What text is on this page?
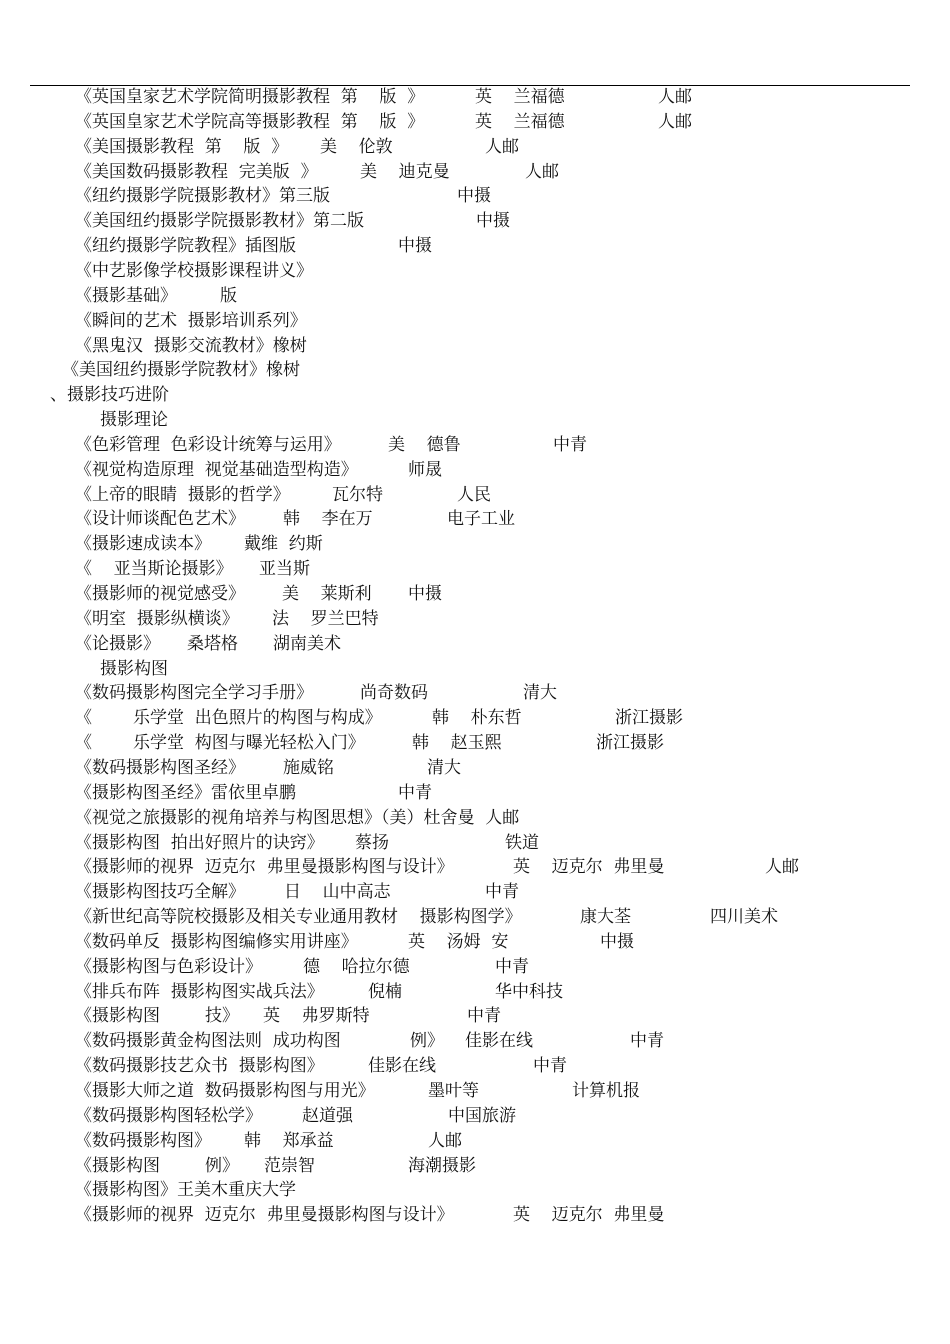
《英国皇家艺术学院简明摄影教程  第    版  》	英    兰福德	人邮
《英国皇家艺术学院高等摄影教程  第    版  》	英    兰福德	人邮
《美国摄影教程  第    版  》 美    伦敦	人邮
《美国数码摄影教程  完美版  》 美    迪克曼	人邮
《纽约摄影学院摄影教材》第三版	中摄
《美国纽约摄影学院摄影教材》第二版	中摄
《纽约摄影学院教程》插图版	中摄
《中艺影像学校摄影课程讲义》
《摄影基础》	版
《瞬间的艺术  摄影培训系列》
《黑鬼汉  摄影交流教材》橡树
《美国纽约摄影学院教材》橡树
、摄影技巧进阶
摄影理论
《色彩管理  色彩设计统筹与运用》	美    德鲁	中青
《视觉构造原理  视觉基础造型构造》	师晟
《上帝的眼睛  摄影的哲学》 瓦尔特	人民
《设计师谈配色艺术》 韩    李在万	电子工业
《摄影速成读本》 戴维  约斯
《    亚当斯论摄影》 亚当斯
《摄影师的视觉感受》 美    莱斯利 中摄
《明室  摄影纵横谈》 法    罗兰巴特
《论摄影》 桑塔格 湖南美术
摄影构图
《数码摄影构图完全学习手册》	尚奇数码	清大
《 乐学堂  出色照片的构图与构成》	韩    朴东哲	浙江摄影
《 乐学堂  构图与曝光轻松入门》	韩    赵玉熙	浙江摄影
《数码摄影构图圣经》 施威铭	清大
《摄影构图圣经》雷依里卓鹏	中青
《视觉之旅摄影的视角培养与构图思想》（美）杜舍曼  人邮
《摄影构图  拍出好照片的诀窍》 蔡扬	铁道
《摄影师的视界  迈克尔  弗里曼摄影构图与设计》	英    迈克尔  弗里曼	人邮
《摄影构图技巧全解》 日    山中高志	中青
《新世纪高等院校摄影及相关专业通用教材    摄影构图学》	康大荃	四川美术
《数码单反  摄影构图编修实用讲座》	英    汤姆  安	中摄
《摄影构图与色彩设计》 德    哈拉尔德	中青
《排兵布阵  摄影构图实战兵法》	倪楠	华中科技
《摄影构图	技》 英    弗罗斯特	中青
《数码摄影黄金构图法则  成功构图	例》 佳影在线	中青
《数码摄影技艺众书  摄影构图》	佳影在线	中青
《摄影大师之道  数码摄影构图与用光》	墨叶等	计算机报
《数码摄影构图轻松学》 赵道强	中国旅游
《数码摄影构图》 韩    郑承益	人邮
《摄影构图	例》 范崇智	海潮摄影
《摄影构图》王美木重庆大学
《摄影师的视界  迈克尔  弗里曼摄影构图与设计》	英    迈克尔  弗里曼
